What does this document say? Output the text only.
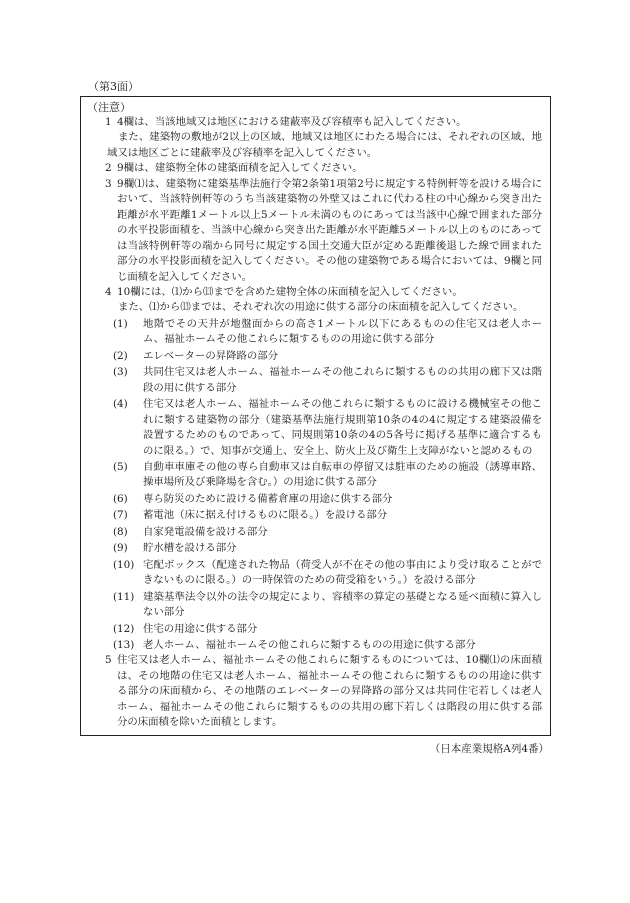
（第3面）
（注意）
1 4欄は、当該地域又は地区における建蔽率及び容積率も記入してください。
また、建築物の敷地が2以上の区域、地域又は地区にわたる場合には、それぞれの区域、地域又は地区ごとに建蔽率及び容積率を記入してください。
2 9欄は、建築物全体の建築面積を記入してください。
3 9欄⑴は、建築物に建築基準法施行令第2条第1項第2号に規定する特例軒等を設ける場合において、当該特例軒等のうち当該建築物の外壁又はこれに代わる柱の中心線から突き出た距離が水平距離1メートル以上5メートル未満のものにあっては当該中心線で囲まれた部分の水平投影面積を、当該中心線から突き出た距離が水平距離5メートル以上のものにあっては当該特例軒等の端から同号に規定する国土交通大臣が定める距離後退した線で囲まれた部分の水平投影面積を記入してください。その他の建築物である場合においては、9欄と同じ面積を記入してください。
4 10欄には、⑴から⒀までを含めた建物全体の床面積を記入してください。
また、⑴から⒀までは、それぞれ次の用途に供する部分の床面積を記入してください。
(1) 地階でその天井が地盤面からの高さ1メートル以下にあるものの住宅又は老人ホーム、福祉ホームその他これらに類するものの用途に供する部分
(2) エレベーターの昇降路の部分
(3) 共同住宅又は老人ホーム、福祉ホームその他これらに類するものの共用の廊下又は階段の用に供する部分
(4) 住宅又は老人ホーム、福祉ホームその他これらに類するものに設ける機械室その他これに類する建築物の部分（建築基準法施行規則第10条の4の4に規定する建築設備を設置するためのものであって、同規則第10条の4の5各号に掲げる基準に適合するものに限る。）で、知事が交通上、安全上、防火上及び衛生上支障がないと認めるもの
(5) 自動車車庫その他の専ら自動車又は自転車の停留又は駐車のための施設（誘導車路、操車場所及び乗降場を含む。）の用途に供する部分
(6) 専ら防災のために設ける備蓄倉庫の用途に供する部分
(7) 蓄電池（床に据え付けるものに限る。）を設ける部分
(8) 自家発電設備を設ける部分
(9) 貯水槽を設ける部分
(10) 宅配ボックス（配達された物品（荷受人が不在その他の事由により受け取ることができないものに限る。）の一時保管のための荷受箱をいう。）を設ける部分
(11) 建築基準法令以外の法令の規定により、容積率の算定の基礎となる延べ面積に算入しない部分
(12) 住宅の用途に供する部分
(13) 老人ホーム、福祉ホームその他これらに類するものの用途に供する部分
5 住宅又は老人ホーム、福祉ホームその他これらに類するものについては、10欄⑴の床面積は、その地階の住宅又は老人ホーム、福祉ホームその他これらに類するものの用途に供する部分の床面積から、その地階のエレベーターの昇降路の部分又は共同住宅若しくは老人ホーム、福祉ホームその他これらに類するものの共用の廊下若しくは階段の用に供する部分の床面積を除いた面積とします。
（日本産業規格A列4番）
